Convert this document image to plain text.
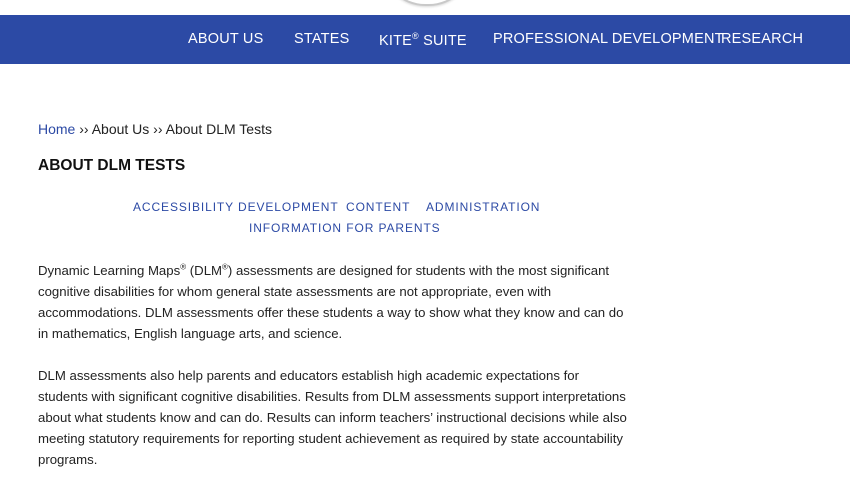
ABOUT US STATES KITE® SUITE PROFESSIONAL DEVELOPMENT
RESEARCH
Home ›› About Us ›› About DLM Tests
ABOUT DLM TESTS
ACCESSIBILITY DEVELOPMENT CONTENT ADMINISTRATION
INFORMATION FOR PARENTS

Dynamic Learning Maps® (DLM®) assessments are designed for students with the most significant cognitive disabilities for whom general state assessments are not appropriate, even with accommodations. DLM assessments offer these students a way to show what they know and can do in mathematics, English language arts, and science.

DLM assessments also help parents and educators establish high academic expectations for students with significant cognitive disabilities. Results from DLM assessments support interpretations about what students know and can do. Results can inform teachers’ instructional decisions while also meeting statutory requirements for reporting student achievement as required by state accountability programs.
